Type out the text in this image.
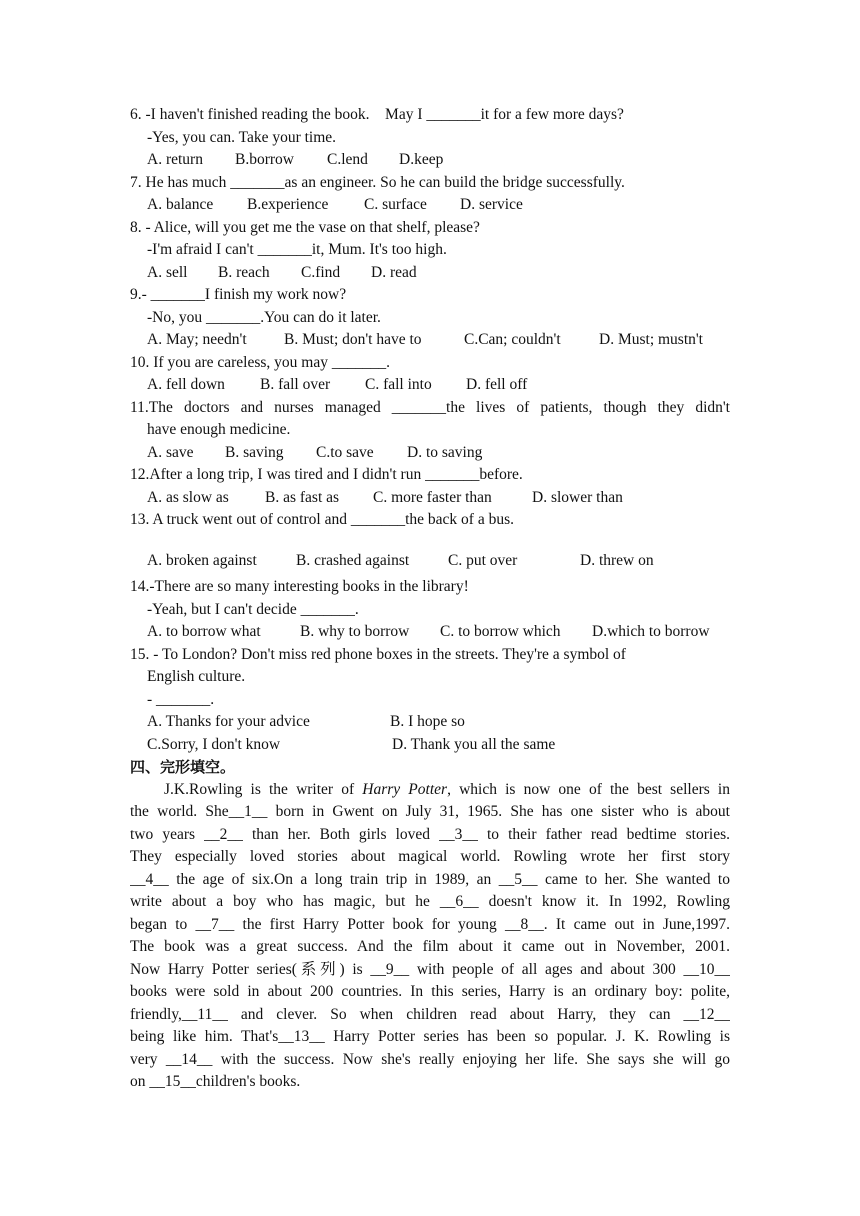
6. -I haven't finished reading the book.    May I _______it for a few more days?
-Yes, you can. Take your time.
A. return	B.borrow	C.lend	D.keep
7. He has much _______as an engineer. So he can build the bridge successfully.
A. balance	B.experience	C. surface	D. service
8. - Alice, will you get me the vase on that shelf, please?
-I'm afraid I can't _______it, Mum. It's too high.
A. sell	B. reach	C.find	D. read
9.- _______I finish my work now?
-No, you _______.You can do it later.
A. May; needn't	B. Must; don't have to	C.Can; couldn't	D. Must; mustn't
10. If you are careless, you may _______.
A. fell down	B. fall over	C. fall into	D. fell off
11.The doctors and nurses managed _______the lives of patients, though they didn't
have enough medicine.
A. save	B. saving	C.to save	D. to saving
12.After a long trip, I was tired and I didn't run _______before.
A. as slow as	B. as fast as	C. more faster than	D. slower than
13. A truck went out of control and _______the back of a bus.
A. broken against	B. crashed against	C. put over	D. threw on
14.-There are so many interesting books in the library!
-Yeah, but I can't decide _______.
A. to borrow what	B. why to borrow	C. to borrow which	D.which to borrow
15. - To London? Don't miss red phone boxes in the streets. They're a symbol of
English culture.
- _______.
A. Thanks for your advice	B. I hope so
C.Sorry, I don't know	D. Thank you all the same
四、完形填空。
J.K.Rowling is the writer of Harry Potter, which is now one of the best sellers in
the world. She__1__ born in Gwent on July 31, 1965. She has one sister who is about
two years __2__ than her. Both girls loved __3__ to their father read bedtime stories.
They especially loved stories about magical world. Rowling wrote her first story
__4__ the age of six.On a long train trip in 1989, an __5__ came to her. She wanted to
write about a boy who has magic, but he __6__ doesn't know it. In 1992, Rowling
began to __7__ the first Harry Potter book for young __8__. It came out in June,1997.
The book was a great success. And the film about it came out in November, 2001.
Now Harry Potter series(系列) is __9__ with people of all ages and about 300 __10__
books were sold in about 200 countries. In this series, Harry is an ordinary boy: polite,
friendly,__11__ and clever. So when children read about Harry, they can __12__
being like him. That's__13__ Harry Potter series has been so popular. J. K. Rowling is
very __14__ with the success. Now she's really enjoying her life. She says she will go
on __15__children's books.
